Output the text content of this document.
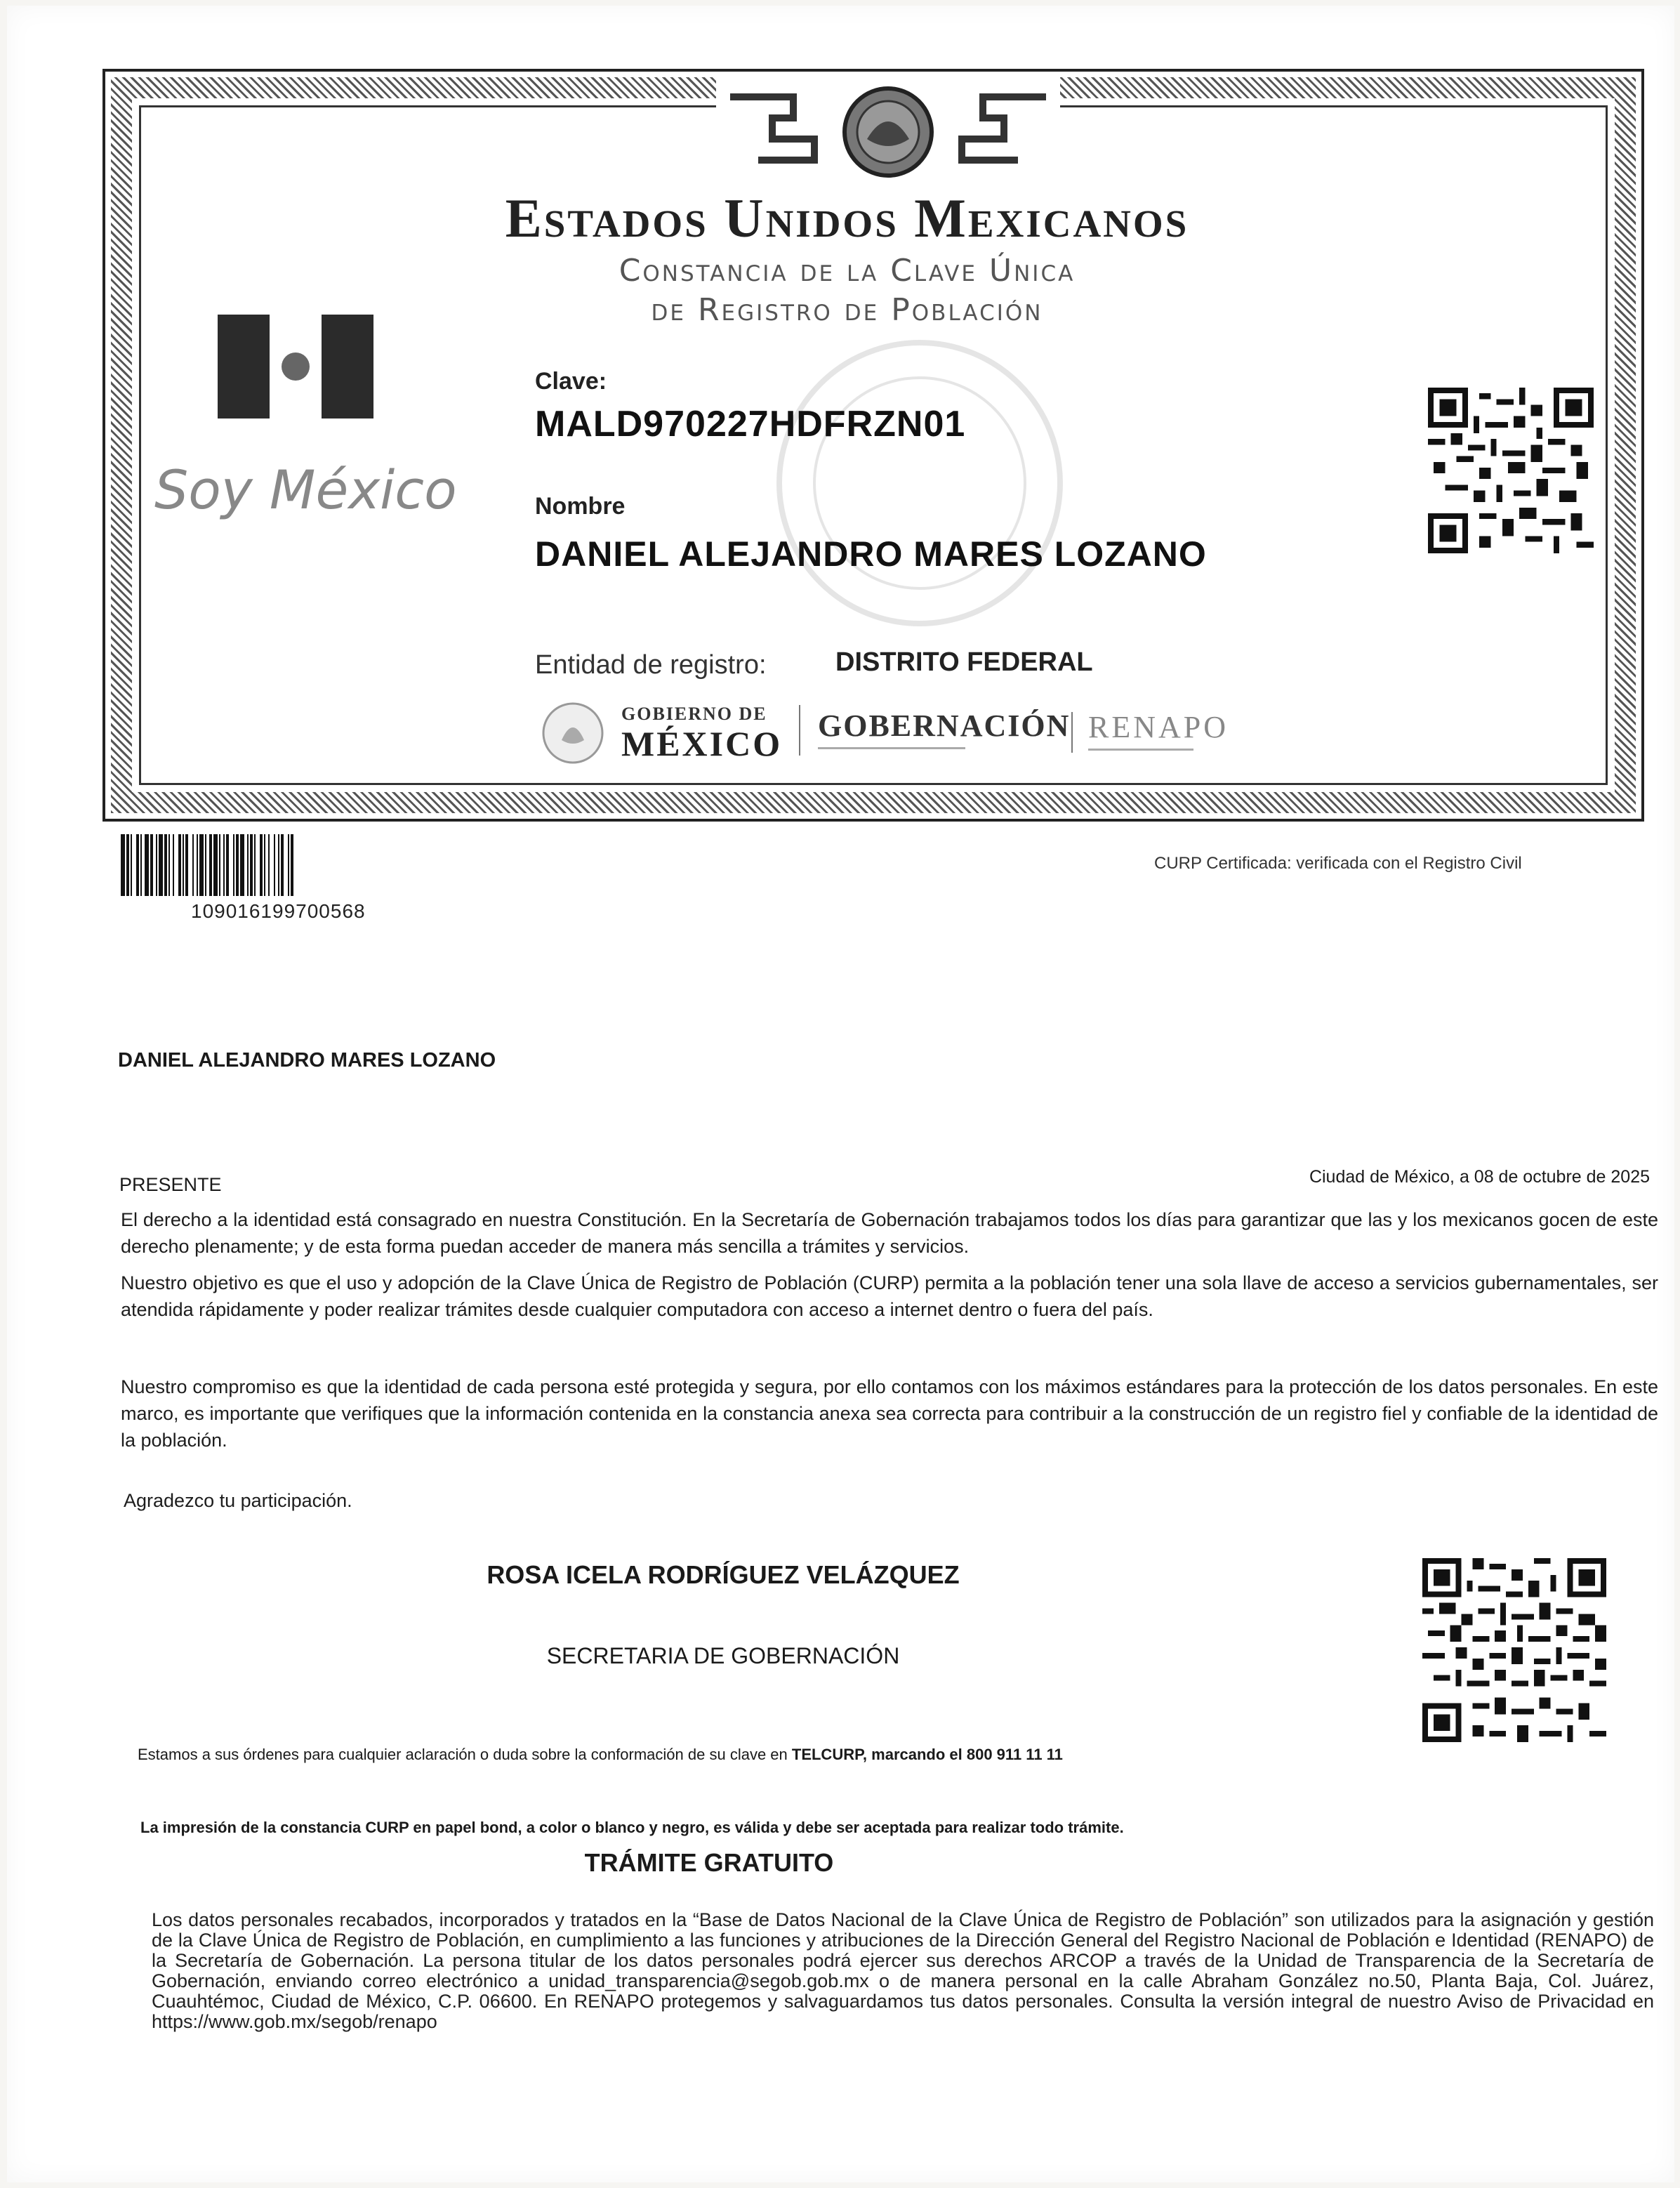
Estados Unidos Mexicanos
Constancia de la Clave Única
de Registro de Población
Soy México
Clave:
MALD970227HDFRZN01
Nombre
DANIEL ALEJANDRO MARES LOZANO
Entidad de registro:	DISTRITO FEDERAL
GOBIERNO DE
MÉXICO GOBERNACIÓN RENAPO
109016199700568
CURP Certificada: verificada con el Registro Civil
DANIEL ALEJANDRO MARES LOZANO
PRESENTE	Ciudad de México, a 08 de octubre de 2025
El derecho a la identidad está consagrado en nuestra Constitución. En la Secretaría de Gobernación trabajamos todos los días para garantizar que las y los mexicanos gocen de este derecho plenamente; y de esta forma puedan acceder de manera más sencilla a trámites y servicios.
Nuestro objetivo es que el uso y adopción de la Clave Única de Registro de Población (CURP) permita a la población tener una sola llave de acceso a servicios gubernamentales, ser atendida rápidamente y poder realizar trámites desde cualquier computadora con acceso a internet dentro o fuera del país.
Nuestro compromiso es que la identidad de cada persona esté protegida y segura, por ello contamos con los máximos estándares para la protección de los datos personales. En este marco, es importante que verifiques que la información contenida en la constancia anexa sea correcta para contribuir a la construcción de un registro fiel y confiable de la identidad de la población.
Agradezco tu participación.
ROSA ICELA RODRÍGUEZ VELÁZQUEZ
SECRETARIA DE GOBERNACIÓN
Estamos a sus órdenes para cualquier aclaración o duda sobre la conformación de su clave en TELCURP, marcando el 800 911 11 11
La impresión de la constancia CURP en papel bond, a color o blanco y negro, es válida y debe ser aceptada para realizar todo trámite.
TRÁMITE GRATUITO
Los datos personales recabados, incorporados y tratados en la “Base de Datos Nacional de la Clave Única de Registro de Población” son utilizados para la asignación y gestión de la Clave Única de Registro de Población, en cumplimiento a las funciones y atribuciones de la Dirección General del Registro Nacional de Población e Identidad (RENAPO) de la Secretaría de Gobernación. La persona titular de los datos personales podrá ejercer sus derechos ARCOP a través de la Unidad de Transparencia de la Secretaría de Gobernación, enviando correo electrónico a unidad_transparencia@segob.gob.mx o de manera personal en la calle Abraham González no.50, Planta Baja, Col. Juárez, Cuauhtémoc, Ciudad de México, C.P. 06600. En RENAPO protegemos y salvaguardamos tus datos personales. Consulta la versión integral de nuestro Aviso de Privacidad en https://www.gob.mx/segob/renapo
